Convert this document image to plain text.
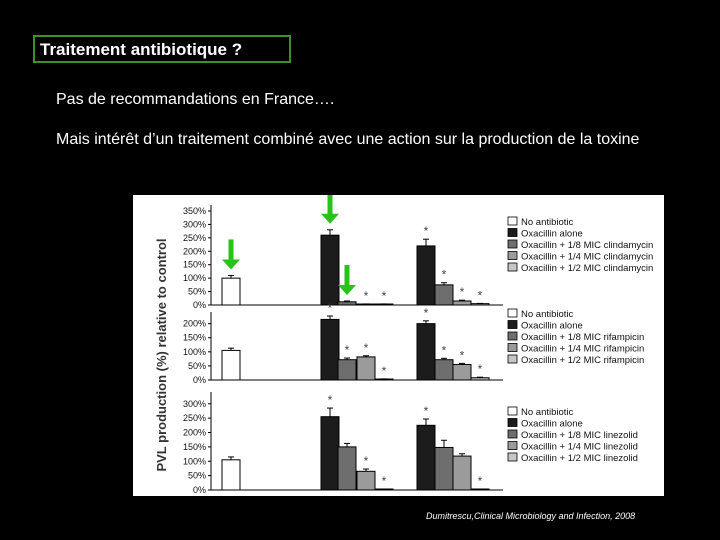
Traitement antibiotique ?
Pas de recommandations en France….
Mais intérêt d’un traitement combiné avec une action sur la production de la toxine
PVL production (%) relative to control
350%
300%
250%
200%
150%
100%
50%
0%
* *
*
*
* *
No antibiotic
Oxacillin alone
Oxacillin + 1/8 MIC clindamycin
Oxacillin + 1/4 MIC clindamycin
Oxacillin + 1/2 MIC clindamycin
200%
150%
100%
50%
0%
*
* *
*
*
* *
*
No antibiotic
Oxacillin alone
Oxacillin + 1/8 MIC rifampicin
Oxacillin + 1/4 MIC rifampicin
Oxacillin + 1/2 MIC rifampicin
300%
250%
200%
150%
100%
50%
0%
*
*
*
*
*
No antibiotic
Oxacillin alone
Oxacillin + 1/8 MIC linezolid
Oxacillin + 1/4 MIC linezolid
Oxacillin + 1/2 MIC linezolid
Dumitrescu,Clinical Microbiology and Infection, 2008
